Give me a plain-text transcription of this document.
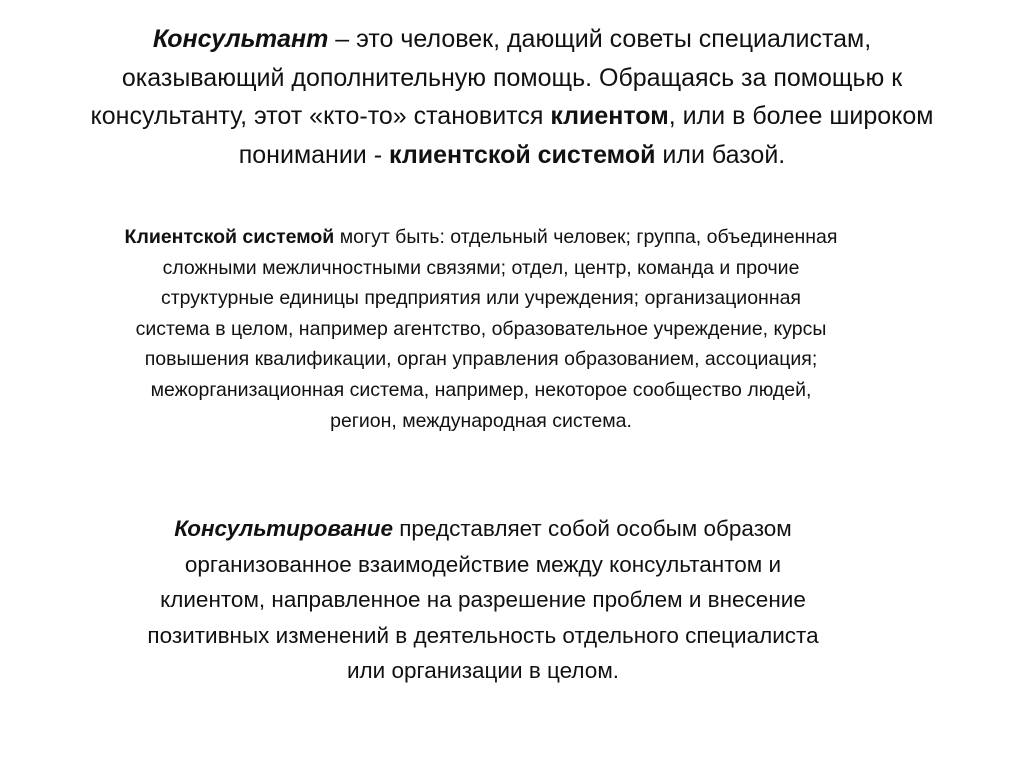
Консультант – это человек, дающий советы специалистам, оказывающий дополнительную помощь. Обращаясь за помощью к консультанту, этот «кто-то» становится клиентом, или в более широком понимании - клиентской системой или базой.

Клиентской системой могут быть: отдельный человек; группа, объединенная сложными межличностными связями; отдел, центр, команда и прочие структурные единицы предприятия или учреждения; организационная система в целом, например агентство, образовательное учреждение, курсы повышения квалификации, орган управления образованием, ассоциация; межорганизационная система, например, некоторое сообщество людей, регион, международная система.

Консультирование представляет собой особым образом организованное взаимодействие между консультантом и клиентом, направленное на разрешение проблем и внесение позитивных изменений в деятельность отдельного специалиста или организации в целом.
